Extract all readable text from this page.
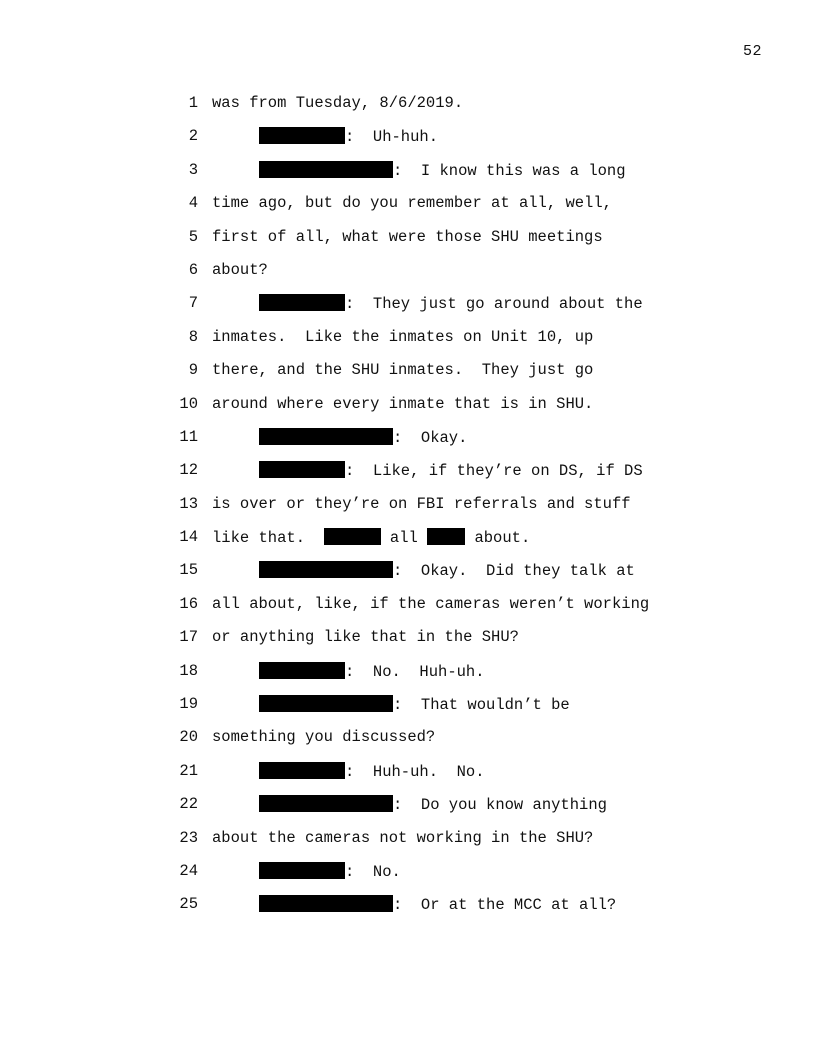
52

1

was from Tuesday, 8/6/2019.

2

	:  Uh-huh.

3

	:  I know this was a long

4

time ago, but do you remember at all, well,

5

first of all, what were those SHU meetings

6

about?

7

	:  They just go around about the

8

inmates.  Like the inmates on Unit 10, up

9

there, and the SHU inmates.  They just go

10

around where every inmate that is in SHU.

11

	:  Okay.

12

	:  Like, if they’re on DS, if DS

13

is over or they’re on FBI referrals and stuff

14

like that.	all  about.

15

	:  Okay.  Did they talk at

16

all about, like, if the cameras weren’t working

17

or anything like that in the SHU?

18

	:  No.  Huh-uh.

19

	:  That wouldn’t be

20

something you discussed?

21

	:  Huh-uh.  No.

22

	:  Do you know anything

23

about the cameras not working in the SHU?

24

	:  No.

25

	:  Or at the MCC at all?
